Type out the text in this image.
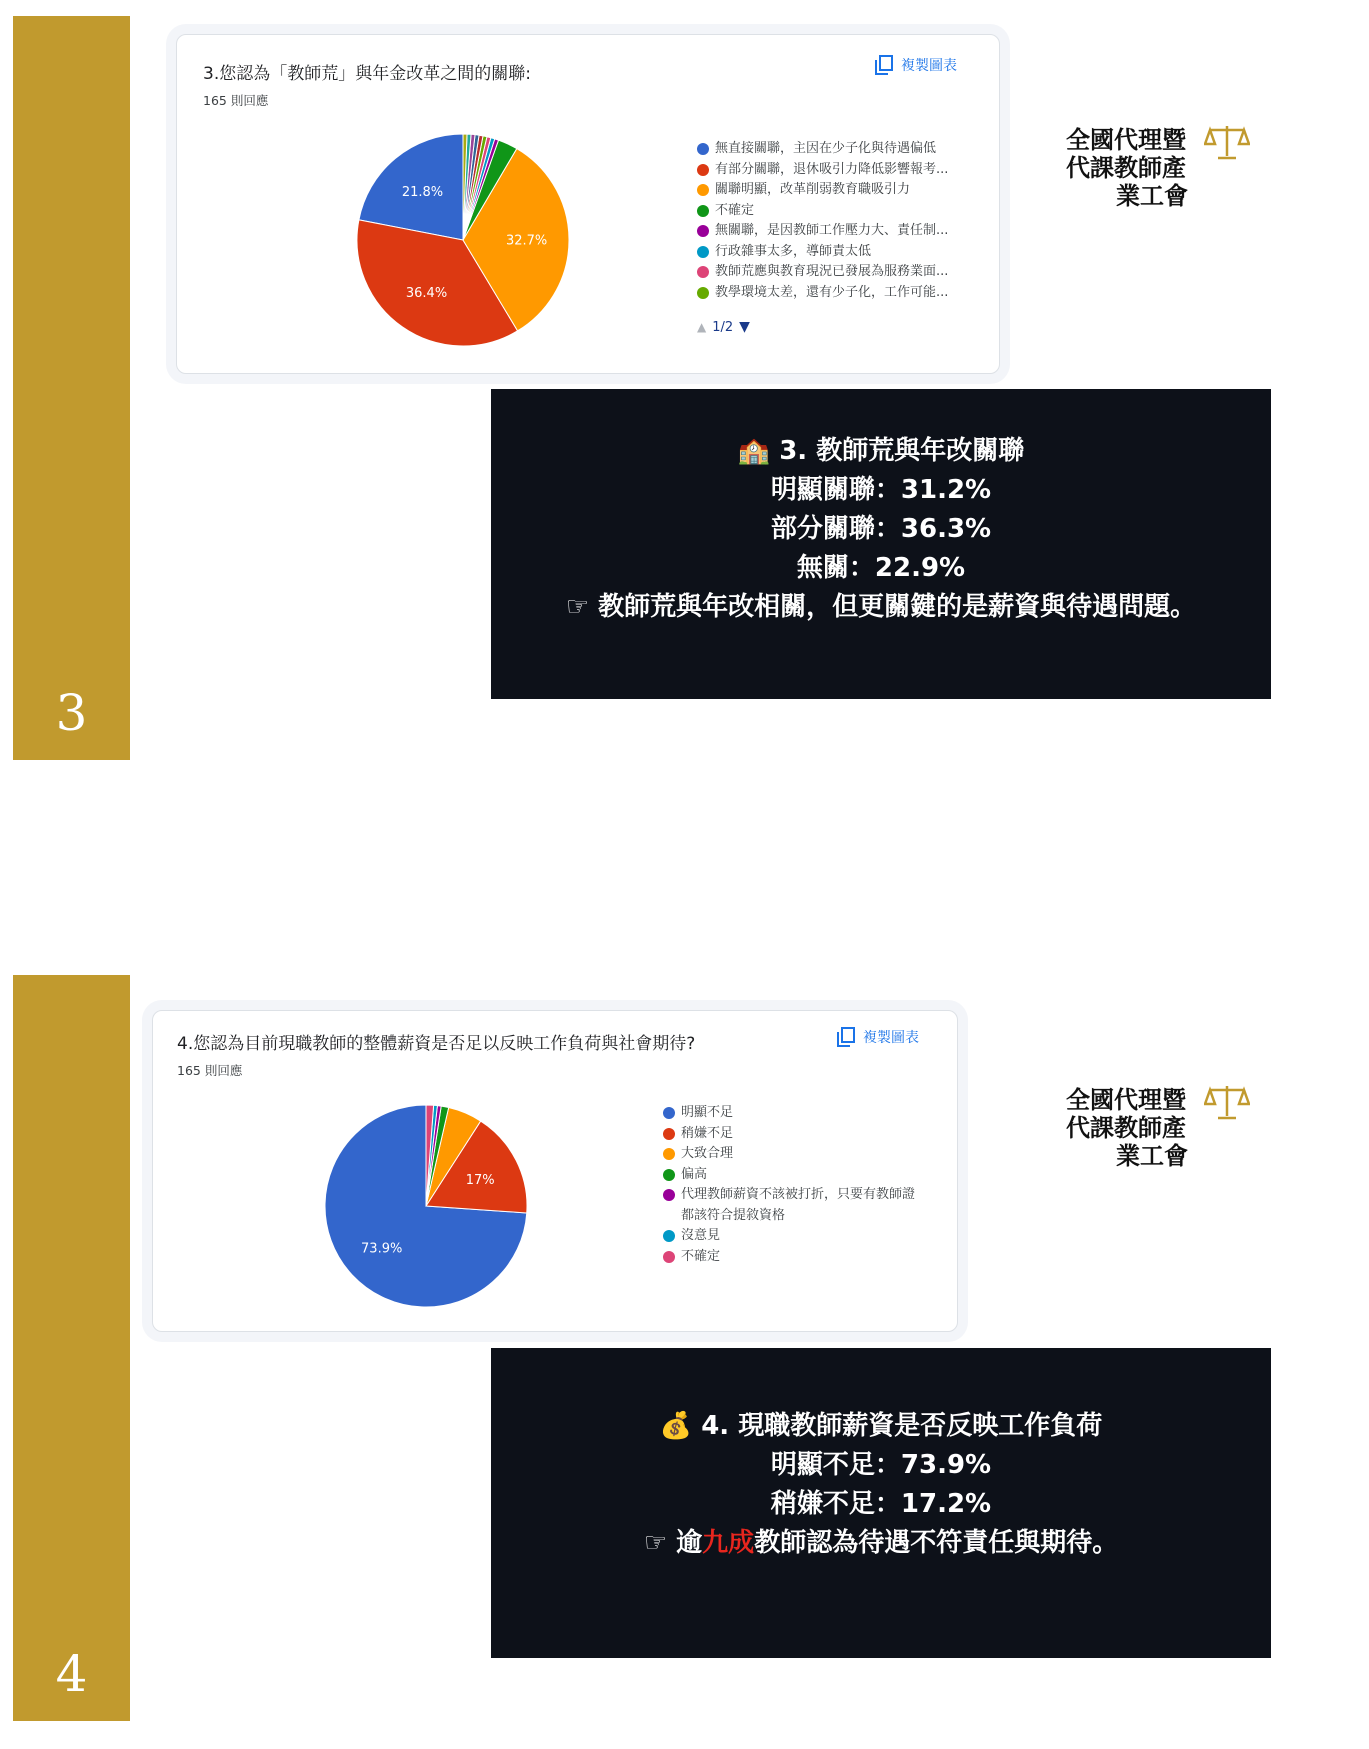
3
3.您認為「教師荒」與年金改革之間的關聯:
165 則回應
複製圖表
21.8%
36.4%
32.7%
無直接關聯，主因在少子化與待遇偏低
有部分關聯，退休吸引力降低影響報考...
關聯明顯，改革削弱教育職吸引力
不確定
無關聯，是因教師工作壓力大、責任制...
行政雜事太多，導師責太低
教師荒應與教育現況已發展為服務業面...
教學環境太差，還有少子化，工作可能...
▲ 1/2 ▼
全國代理暨
代課教師產
業工會
🏫 3. 教師荒與年改關聯
明顯關聯：31.2%
部分關聯：36.3%
無關：22.9%
☞ 教師荒與年改相關，但更關鍵的是薪資與待遇問題。
4
4.您認為目前現職教師的整體薪資是否足以反映工作負荷與社會期待?
165 則回應
複製圖表
73.9%
17%
明顯不足
稍嫌不足
大致合理
偏高
代理教師薪資不該被打折，只要有教師證都該符合提敘資格
沒意見
不確定
全國代理暨
代課教師產
業工會
💰 4. 現職教師薪資是否反映工作負荷
明顯不足：73.9%
稍嫌不足：17.2%
☞ 逾九成教師認為待遇不符責任與期待。
